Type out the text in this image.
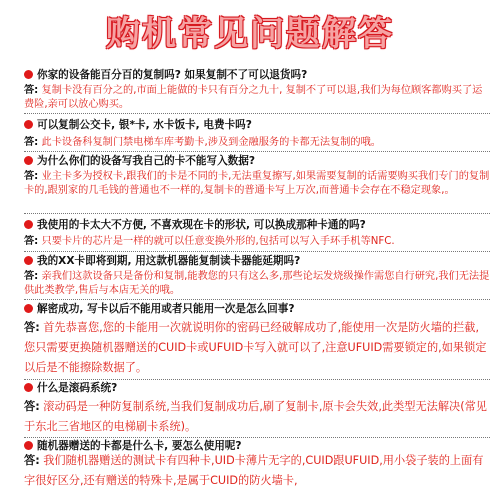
购机常见问题解答
你家的设备能百分百的复制吗? 如果复制不了可以退货吗?
答: 复制卡没有百分之的,市面上能做的卡只有百分之九十, 复制不了可以退,我们为每位顾客都购买了运费险,亲可以放心购买。
可以复制公交卡, 银*卡, 水卡饭卡, 电费卡吗?
答: 此卡设备科复制门禁电梯车库考勤卡,涉及到金融服务的卡都无法复制的哦。
为什么你们的设备写我自己的卡不能写入数据?
答: 业主卡多为授权卡,跟我们的卡是不同的卡,无法重复擦写,如果需要复制的话需要购买我们专门的复制卡的,跟别家的几毛钱的普通也不一样的,复制卡的普通卡写上万次,而普通卡会存在不稳定现象,。
我使用的卡太大不方便, 不喜欢现在卡的形状, 可以换成那种卡通的吗?
答: 只要卡片的芯片是一样的就可以任意变换外形的,包括可以写入手环手机等NFC.
我的XX卡即将到期, 用这款机器能复制读卡器能延期吗?
答: 亲我们这款设备只是备份和复制,能教您的只有这么多,那些论坛发烧级操作需您自行研究,我们无法提供此类教学,售后与本店无关的哦。
解密成功, 写卡以后不能用或者只能用一次是怎么回事?
答: 首先恭喜您,您的卡能用一次就说明你的密码已经破解成功了,能使用一次是防火墙的拦截,您只需要更换随机器赠送的CUID卡或UFUID卡写入就可以了,注意UFUID需要锁定的,如果锁定以后是不能擦除数据了。
什么是滚码系统?
答: 滚动码是一种防复制系统,当我们复制成功后,刷了复制卡,原卡会失效,此类型无法解决(常见于东北三省地区的电梯刷卡系统)。
随机器赠送的卡都是什么卡, 要怎么使用呢?
答: 我们随机器赠送的测试卡有四种卡,UID卡薄片无字的,CUID跟UFUID,用小袋子装的上面有字很好区分,还有赠送的特殊卡,是属于CUID的防火墙卡,
